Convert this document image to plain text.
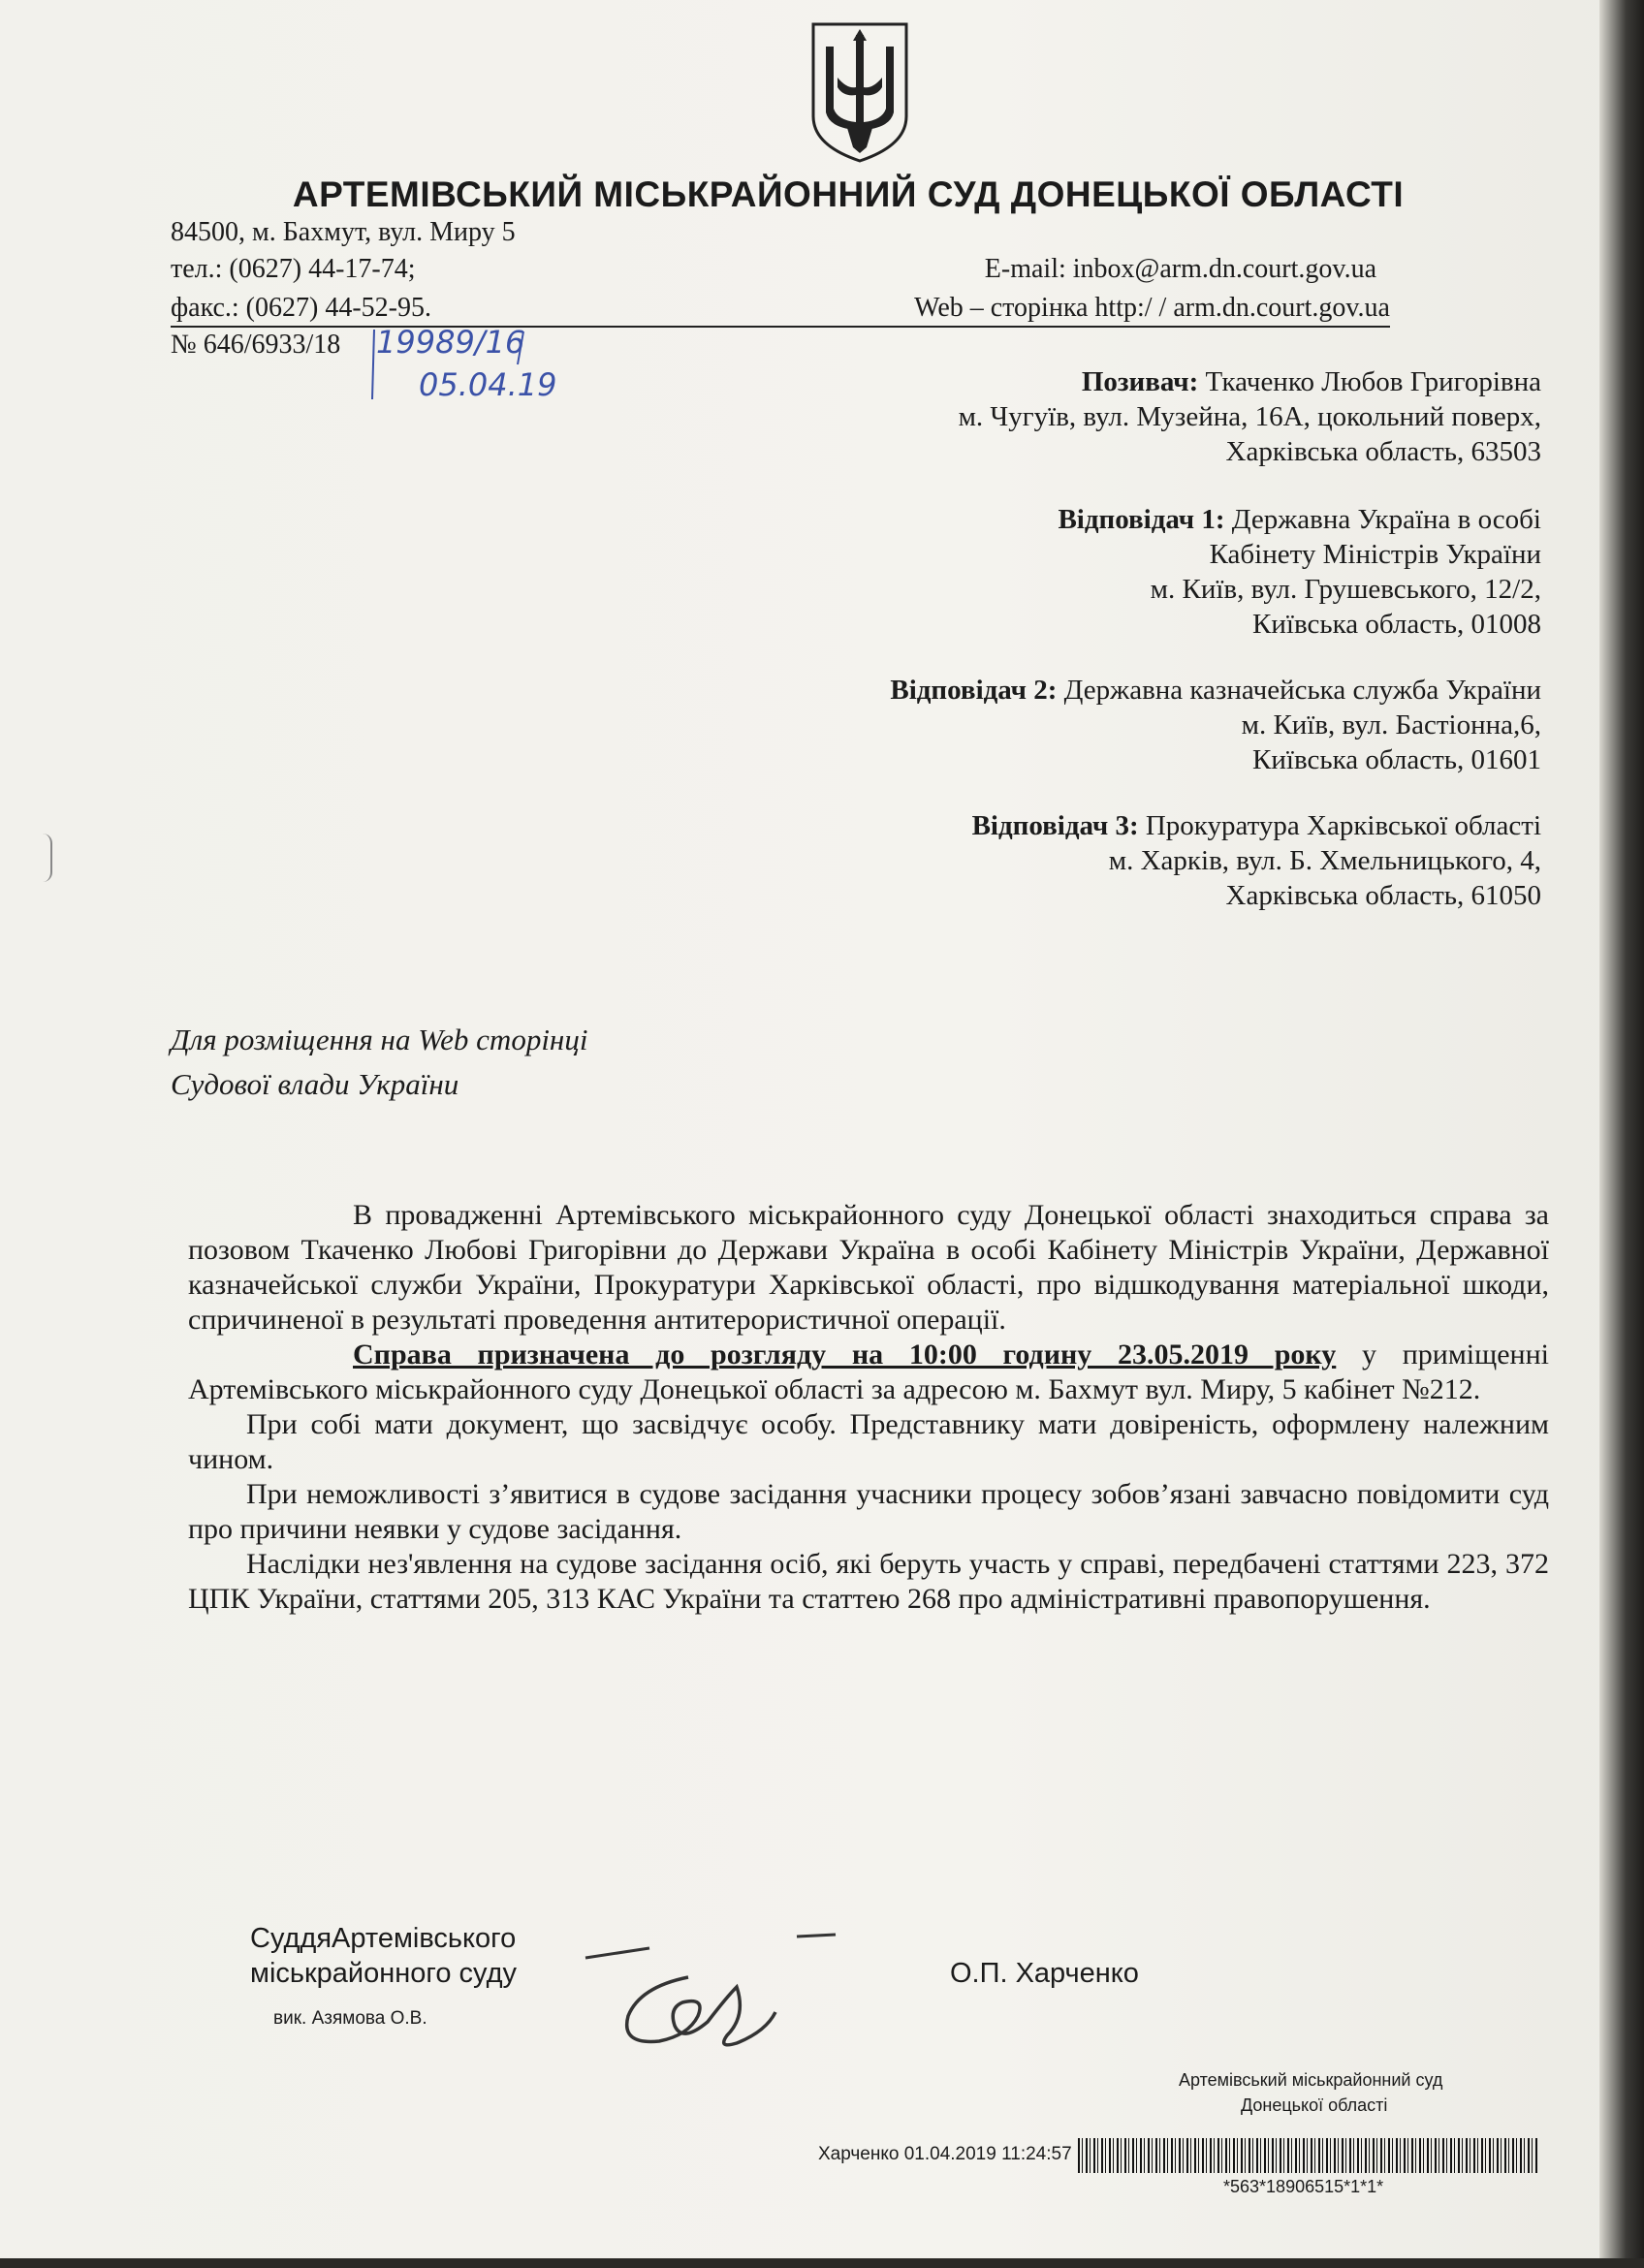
АРТЕМІВСЬКИЙ МІСЬКРАЙОННИЙ СУД ДОНЕЦЬКОЇ ОБЛАСТІ
84500, м. Бахмут, вул. Миру 5
тел.: (0627) 44-17-74;
факс.: (0627) 44-52-95.
E-mail: inbox@arm.dn.court.gov.ua
Web – сторінка http:/ / arm.dn.court.gov.ua
№ 646/6933/18 19989/16
05.04.19	Позивач: Ткаченко Любов Григорівна
м. Чугуїв, вул. Музейна, 16А, цокольний поверх,
Харківська область, 63503
Відповідач 1: Державна Україна в особі
Кабінету Міністрів України
м. Київ, вул. Грушевського, 12/2,
Київська область, 01008
Відповідач 2: Державна казначейська служба України
м. Київ, вул. Бастіонна,6,
Київська область, 01601
Відповідач 3: Прокуратура Харківської області
м. Харків, вул. Б. Хмельницького, 4,
Харківська область, 61050
Для розміщення на Web сторінці
Судової влади України

В провадженні Артемівського міськрайонного суду Донецької області знаходиться справа за позовом Ткаченко Любові Григорівни до Держави Україна в особі Кабінету Міністрів України, Державної казначейської служби України, Прокуратури Харківської області, про відшкодування матеріальної шкоди, спричиненої в результаті проведення антитерористичної операції.

Справа призначена до розгляду на 10:00 годину 23.05.2019 року у приміщенні Артемівського міськрайонного суду Донецької області за адресою м. Бахмут вул. Миру, 5 кабінет №212.

При собі мати документ, що засвідчує особу. Представнику мати довіреність, оформлену належним чином.

При неможливості з’явитися в судове засідання учасники процесу зобов’язані завчасно повідомити суд про причини неявки у судове засідання.

Наслідки нез'явлення на судове засідання осіб, які беруть участь у справі, передбачені статтями 223, 372 ЦПК України, статтями 205, 313 КАС України та статтею 268 про адміністративні правопорушення.

СуддяАртемівського
міськрайонного суду
вик. Азямова О.В.
О.П. Харченко
Артемівський міськрайонний суд
Донецької області
Харченко 01.04.2019 11:24:57
*563*18906515*1*1*
